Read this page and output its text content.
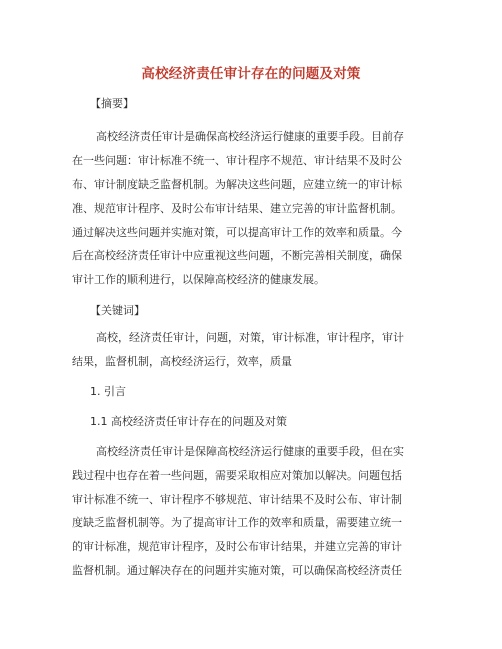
高校经济责任审计存在的问题及对策
【摘要】
高校经济责任审计是确保高校经济运行健康的重要手段。目前存
在一些问题：审计标准不统一、审计程序不规范、审计结果不及时公
布、审计制度缺乏监督机制。为解决这些问题，应建立统一的审计标
准、规范审计程序、及时公布审计结果、建立完善的审计监督机制。
通过解决这些问题并实施对策，可以提高审计工作的效率和质量。今
后在高校经济责任审计中应重视这些问题，不断完善相关制度，确保
审计工作的顺利进行，以保障高校经济的健康发展。
【关键词】
高校，经济责任审计，问题，对策，审计标准，审计程序，审计
结果，监督机制，高校经济运行，效率，质量
1. 引言
1.1 高校经济责任审计存在的问题及对策
高校经济责任审计是保障高校经济运行健康的重要手段，但在实
践过程中也存在着一些问题，需要采取相应对策加以解决。问题包括
审计标准不统一、审计程序不够规范、审计结果不及时公布、审计制
度缺乏监督机制等。为了提高审计工作的效率和质量，需要建立统一
的审计标准，规范审计程序，及时公布审计结果，并建立完善的审计
监督机制。通过解决存在的问题并实施对策，可以确保高校经济责任
